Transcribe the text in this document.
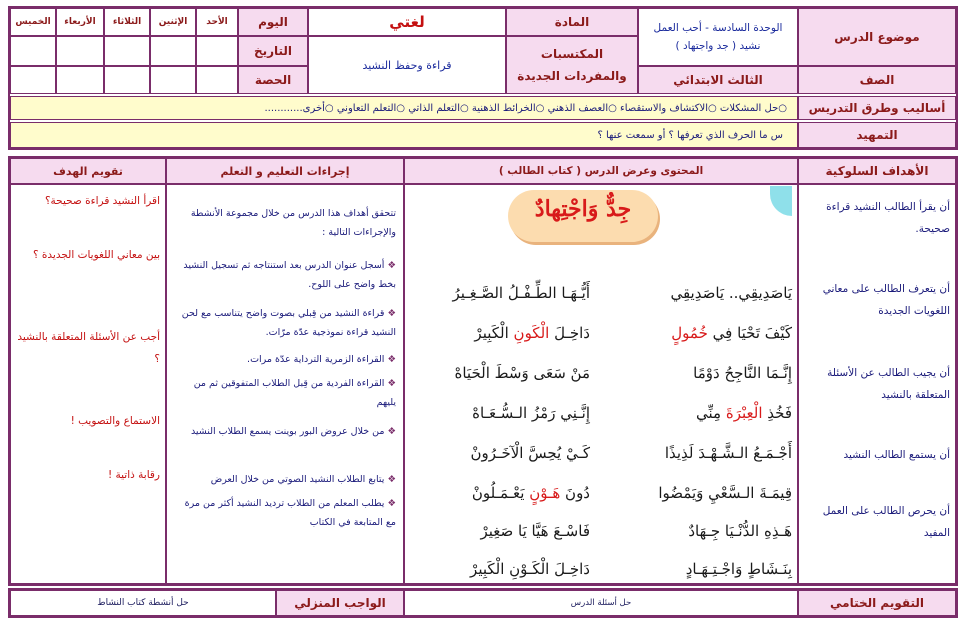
موضوع الدرس
الوحدة السادسة - أحب العمل نشيد ( جد واجتهاد )
المادة
لغتي
اليوم
الأحد
الإثنين
الثلاثاء
الأربعاء
الخميس
المكتسبات والمفردات الجديدة
قراءة وحفظ النشيد
التاريخ
الحصة	الصف
الثالث الابتدائي
أساليب وطرق التدريس
○حل المشكلات ○الاكتشاف والاستقصاء ○العصف الذهني ○الخرائط الذهنية ○التعلم الذاتي ○التعلم التعاوني ○أخرى............
التمهيد
س ما الحرف الذي تعرفها ؟ أو سمعت عنها ؟
الأهداف السلوكية
المحتوى وعرض الدرس ( كتاب الطالب )
إجراءات التعليم و التعلم
تقويم الهدف
أن يقرأ الطالب النشيد قراءة صحيحة.
أن يتعرف الطالب على معاني اللغويات الجديدة
أن يجيب الطالب عن الأسئلة المتعلقة بالنشيد
أن يستمع الطالب النشيد
أن يحرص الطالب على العمل المفيد
جِدٌّ وَاجْتِهادٌ
يَاصَدِيقِي.. يَاصَدِيقِي
أَيُّـهَـا الطِّـفْـلُ الصَّـغِـيرُ
كَيْفَ تَحْيَا فِي خُمُولٍ
دَاخِـلَ الْكَونِ الْكَبِيرْ
إِنَّـمَا النَّاجِحُ دَوْمًا
مَنْ سَعَى وَسْطَ الْحَيَاهْ
فَخُذِ الْعِبْرَةَ مِنِّي
إِنَّـنِي رَمْزُ الـسُّـعَـاهْ
أَجْـمَـعُ الـشَّـهْـدَ لَذِيذًا
كَـيْ يُحِسَّ الْآخَـرُونْ
قِيمَـةَ الـسَّعْيِ وَيَمْضُوا
دُونَ هَـوْنٍ يَعْـمَـلُونْ
هَـذِهِ الدُّنْـيَا جِـهَادٌ
فَاسْـعَ هَيَّا يَا صَغِيرْ
بِنَـشَاطٍ وَاجْـتِـهَـادٍ
دَاخِـلَ الْكَـوْنِ الْكَبِيرْ
تتحقق أهداف هذا الدرس من خلال مجموعة الأنشطة والإجراءات التالية :
❖ أسجل عنوان الدرس بعد استنتاجه ثم تسجيل النشيد بخط واضح على اللوح.
❖ قراءة النشيد من قِبلي بصوت واضح يتناسب مع لحن النشيد قراءة نموذجية عدّة مرّات.
❖ القراءة الزمرية الترداية عدّة مرات.
❖ القراءة الفردية من قِبل الطلاب المتفوقين ثم من يليهم
❖ من خلال عروض البور بوينت يسمع الطلاب النشيد
❖ يتابع الطلاب النشيد الصوتي من خلال العرض
❖ يطلب المعلم من الطلاب ترديد النشيد أكثر من مرة مع المتابعة في الكتاب
اقرأ النشيد قراءة صحيحة؟
بين معاني اللغويات الجديدة ؟
أجب عن الأسئلة المتعلقة بالنشيد ؟
الاستماع والتصويب !
رقابة ذاتية !
التقويم الختامي
حل أسئلة الدرس
الواجب المنزلي
حل أنشطة كتاب النشاط
